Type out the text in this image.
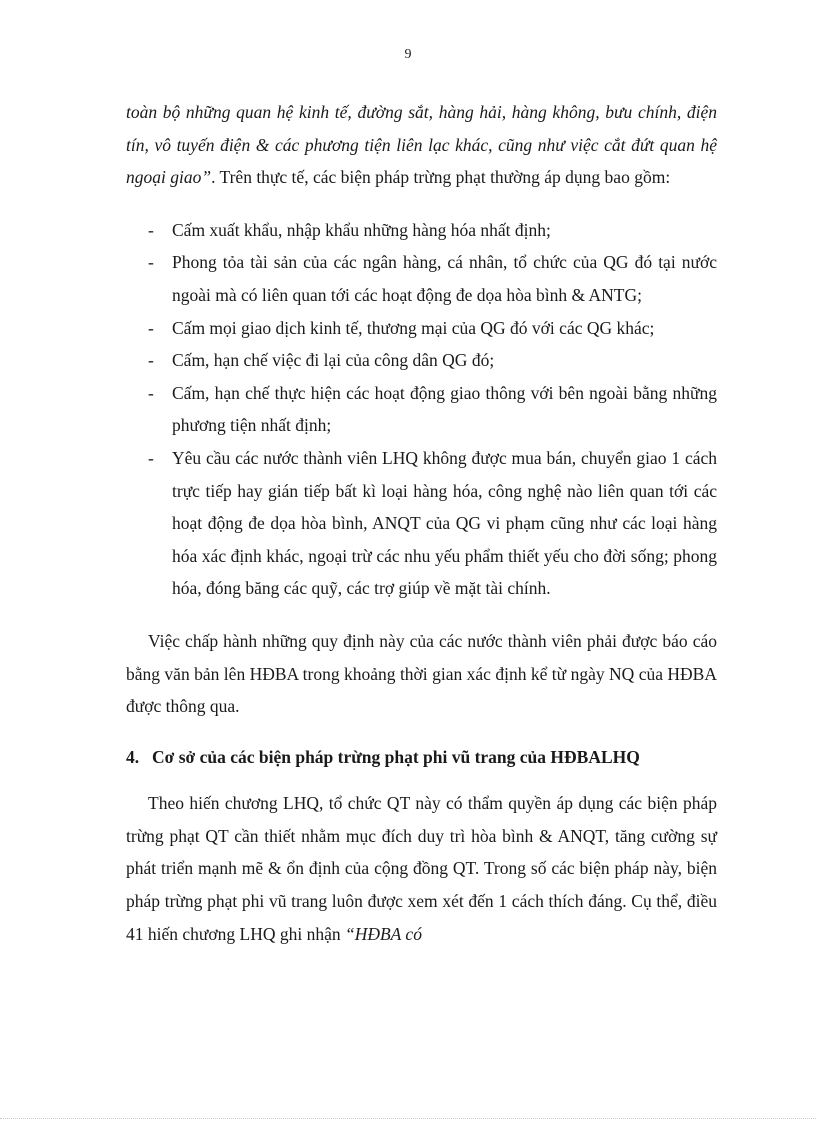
9

toàn bộ những quan hệ kinh tế, đường sắt, hàng hải, hàng không, bưu chính, điện tín, vô tuyến điện & các phương tiện liên lạc khác, cũng như việc cắt đứt quan hệ ngoại giao”. Trên thực tế, các biện pháp trừng phạt thường áp dụng bao gồm:

- Cấm xuất khẩu, nhập khẩu những hàng hóa nhất định;
- Phong tỏa tài sản của các ngân hàng, cá nhân, tổ chức của QG đó tại nước ngoài mà có liên quan tới các hoạt động đe dọa hòa bình & ANTG;
- Cấm mọi giao dịch kinh tế, thương mại của QG đó với các QG khác;
- Cấm, hạn chế việc đi lại của công dân QG đó;
- Cấm, hạn chế thực hiện các hoạt động giao thông với bên ngoài bằng những phương tiện nhất định;
- Yêu cầu các nước thành viên LHQ không được mua bán, chuyển giao 1 cách trực tiếp hay gián tiếp bất kì loại hàng hóa, công nghệ nào liên quan tới các hoạt động đe dọa hòa bình, ANQT của QG vi phạm cũng như các loại hàng hóa xác định khác, ngoại trừ các nhu yếu phẩm thiết yếu cho đời sống; phong hóa, đóng băng các quỹ, các trợ giúp về mặt tài chính.

Việc chấp hành những quy định này của các nước thành viên phải được báo cáo bằng văn bản lên HĐBA trong khoảng thời gian xác định kể từ ngày NQ của HĐBA được thông qua.

4. Cơ sở của các biện pháp trừng phạt phi vũ trang của HĐBALHQ

Theo hiến chương LHQ, tổ chức QT này có thẩm quyền áp dụng các biện pháp trừng phạt QT cần thiết nhằm mục đích duy trì hòa bình & ANQT, tăng cường sự phát triển mạnh mẽ & ổn định của cộng đồng QT. Trong số các biện pháp này, biện pháp trừng phạt phi vũ trang luôn được xem xét đến 1 cách thích đáng. Cụ thể, điều 41 hiến chương LHQ ghi nhận “HĐBA có
